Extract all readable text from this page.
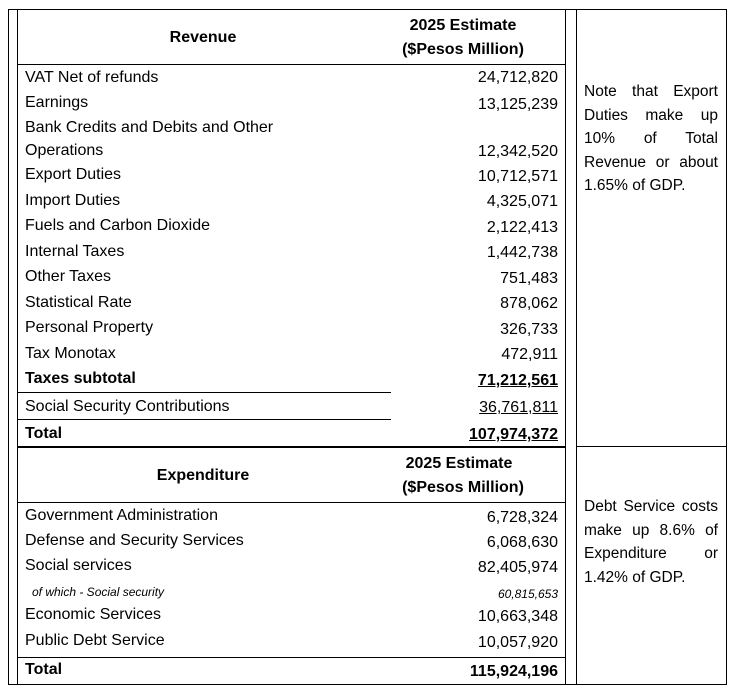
Revenue
2025 Estimate
($Pesos Million)
VAT Net of refunds	24,712,820
Earnings	13,125,239
Bank Credits and Debits and Other
Operations	12,342,520
Export Duties	10,712,571
Import Duties	4,325,071
Fuels and Carbon Dioxide	2,122,413
Internal Taxes	1,442,738
Other Taxes	751,483
Statistical Rate	878,062
Personal Property	326,733
Tax Monotax	472,911
Taxes subtotal	71,212,561
Social Security Contributions	36,761,811
Total	107,974,372
Note that Export Duties make up 10% of Total Revenue or about 1.65% of GDP.
Expenditure
2025 Estimate
($Pesos Million)
Government Administration	6,728,324
Defense and Security Services	6,068,630
Social services	82,405,974
of which - Social security	60,815,653
Economic Services	10,663,348
Public Debt Service	10,057,920
Total	115,924,196
Debt Service costs make up 8.6% of Expenditure or 1.42% of GDP.
